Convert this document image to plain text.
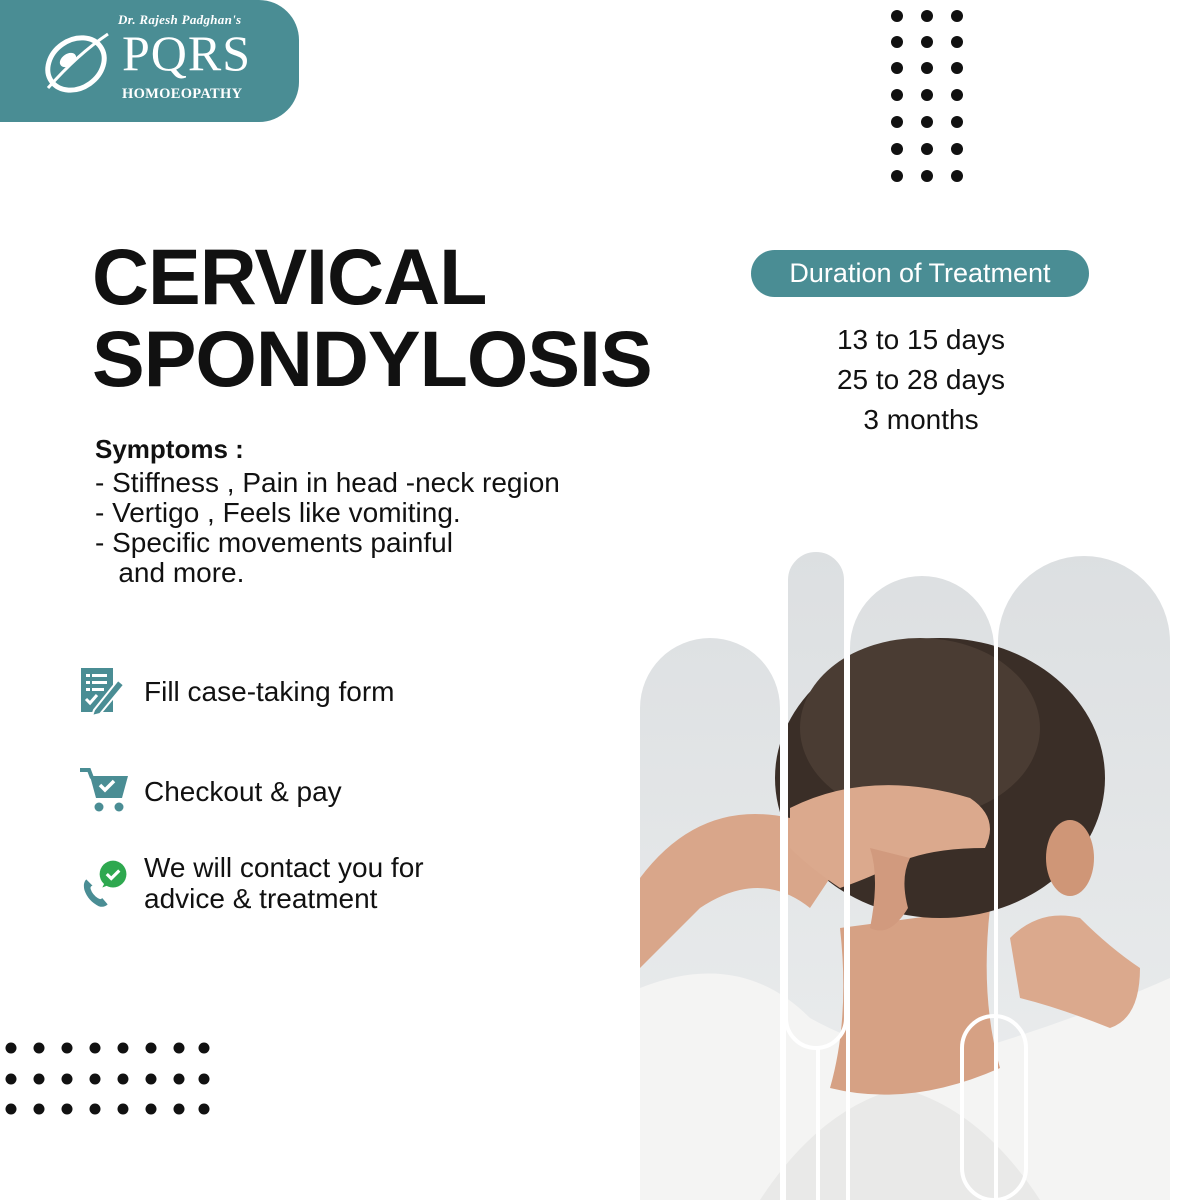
Dr. Rajesh Padghan's
PQRS
HOMOEOPATHY
CERVICAL
SPONDYLOSIS
Symptoms :
- Stiffness , Pain in head -neck region
- Vertigo , Feels like vomiting.
- Specific movements painful
and more.
Fill case-taking form
Checkout & pay
We will contact you for
advice & treatment
Duration of Treatment
13 to 15 days
25 to 28 days
3 months
